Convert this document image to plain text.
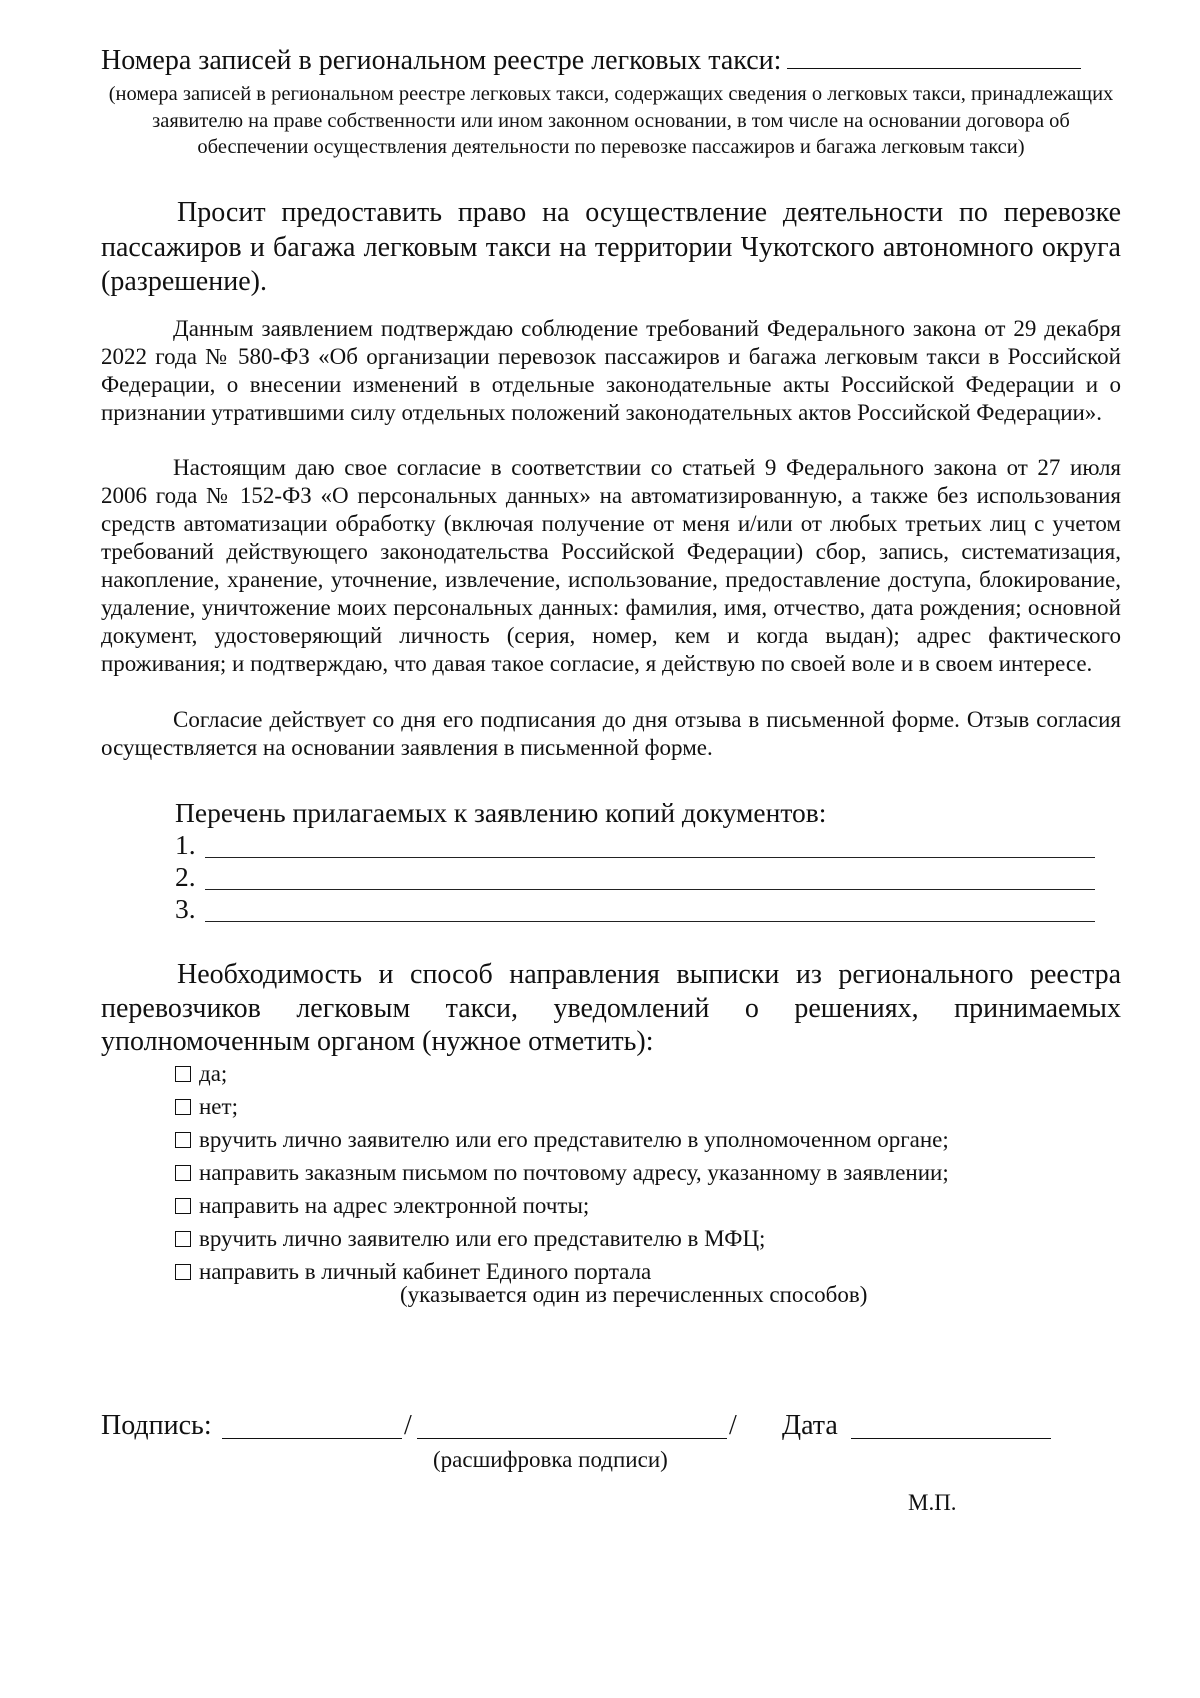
Номера записей в региональном реестре легковых такси:
(номера записей в региональном реестре легковых такси, содержащих сведения о легковых такси, принадлежащих заявителю на праве собственности или ином законном основании, в том числе на основании договора об обеспечении осуществления деятельности по перевозке пассажиров и багажа легковым такси)
Просит предоставить право на осуществление деятельности по перевозке пассажиров и багажа легковым такси на территории Чукотского автономного округа (разрешение).

Данным заявлением подтверждаю соблюдение требований Федерального закона от 29 декабря 2022 года № 580-ФЗ «Об организации перевозок пассажиров и багажа легковым такси в Российской Федерации, о внесении изменений в отдельные законодательные акты Российской Федерации и о признании утратившими силу отдельных положений законодательных актов Российской Федерации».

Настоящим даю свое согласие в соответствии со статьей 9 Федерального закона от 27 июля 2006 года № 152-ФЗ «О персональных данных» на автоматизированную, а также без использования средств автоматизации обработку (включая получение от меня и/или от любых третьих лиц с учетом требований действующего законодательства Российской Федерации) сбор, запись, систематизация, накопление, хранение, уточнение, извлечение, использование, предоставление доступа, блокирование, удаление, уничтожение моих персональных данных: фамилия, имя, отчество, дата рождения; основной документ, удостоверяющий личность (серия, номер, кем и когда выдан); адрес фактического проживания; и подтверждаю, что давая такое согласие, я действую по своей воле и в своем интересе.

Согласие действует со дня его подписания до дня отзыва в письменной форме. Отзыв согласия осуществляется на основании заявления в письменной форме.

Перечень прилагаемых к заявлению копий документов:
1.
2.
3.
Необходимость и способ направления выписки из регионального реестра перевозчиков легковым такси, уведомлений о решениях, принимаемых уполномоченным органом (нужное отметить):
да;
нет;
вручить лично заявителю или его представителю в уполномоченном органе;
направить заказным письмом по почтовому адресу, указанному в заявлении;
направить на адрес электронной почты;
вручить лично заявителю или его представителю в МФЦ;
направить в личный кабинет Единого портала
(указывается один из перечисленных способов)
Подпись:	/	/ Дата
(расшифровка подписи)
М.П.
